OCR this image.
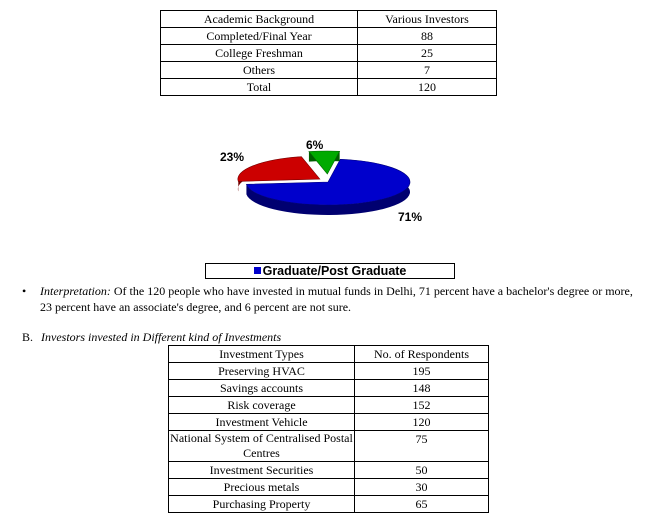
Academic Background	Various Investors
Completed/Final Year	88
College Freshman	25
Others	7
Total	120
71%
23%
6%
Graduate/Post Graduate
• Interpretation: Of the 120 people who have invested in mutual funds in Delhi, 71 percent have a bachelor's degree or more, 23 percent have an associate's degree, and 6 percent are not sure.
B. Investors invested in Different kind of Investments
Investment Types	No. of Respondents
Preserving HVAC	195
Savings accounts	148
Risk coverage	152
Investment Vehicle	120
National System of Centralised Postal Centres	75
Investment Securities	50
Precious metals	30
Purchasing Property	65
